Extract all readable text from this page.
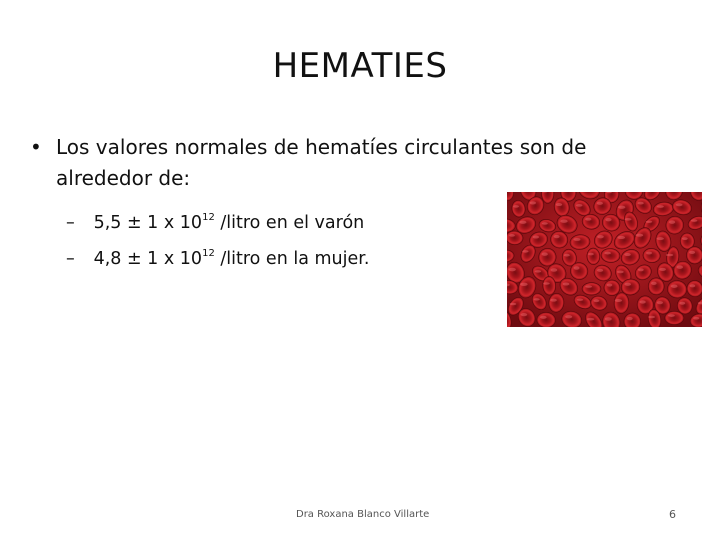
HEMATIES
• Los valores normales de hematíes circulantes son de alrededor de:
– 5,5 ± 1 x $10^{12}$ /litro en el varón
– 4,8 ± 1 x $10^{12}$ /litro en la mujer.
Dra Roxana Blanco Villarte	6
